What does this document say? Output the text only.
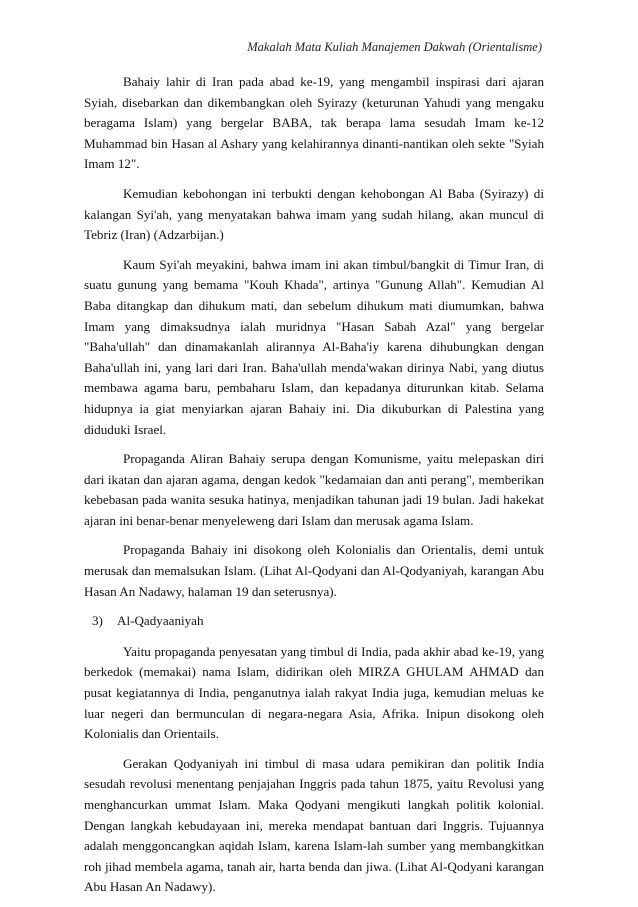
Makalah Mata Kuliah Manajemen Dakwah (Orientalisme)

Bahaiy lahir di Iran pada abad ke-19, yang mengambil inspirasi dari ajaran Syiah, disebarkan dan dikembangkan oleh Syirazy (keturunan Yahudi yang mengaku beragama Islam) yang bergelar BABA, tak berapa lama sesudah Imam ke-12 Muhammad bin Hasan al Ashary yang kelahirannya dinanti-nantikan oleh sekte "Syiah Imam 12".

Kemudian kebohongan ini terbukti dengan kehobongan Al Baba (Syirazy) di kalangan Syi'ah, yang menyatakan bahwa imam yang sudah hilang, akan muncul di Tebriz (Iran) (Adzarbijan.)

Kaum Syi'ah meyakini, bahwa imam ini akan timbul/bangkit di Timur Iran, di suatu gunung yang bemama "Kouh Khada", artinya "Gunung Allah". Kemudian Al Baba ditangkap dan dihukum mati, dan sebelum dihukum mati diumumkan, bahwa Imam yang dimaksudnya ialah muridnya "Hasan Sabah Azal" yang bergelar "Baha'ullah" dan dinamakanlah alirannya Al-Baha'iy karena dihubungkan dengan Baha'ullah ini, yang lari dari Iran. Baha'ullah menda'wakan dirinya Nabi, yang diutus membawa agama baru, pembaharu Islam, dan kepadanya diturunkan kitab. Selama hidupnya ia giat menyiarkan ajaran Bahaiy ini. Dia dikuburkan di Palestina yang diduduki Israel.

Propaganda Aliran Bahaiy serupa dengan Komunisme, yaitu melepaskan diri dari ikatan dan ajaran agama, dengan kedok "kedamaian dan anti perang", memberikan kebebasan pada wanita sesuka hatinya, menjadikan tahunan jadi 19 bulan. Jadi hakekat ajaran ini benar-benar menyeleweng dari Islam dan merusak agama Islam.

Propaganda Bahaiy ini disokong oleh Kolonialis dan Orientalis, demi untuk merusak dan memalsukan Islam. (Lihat Al-Qodyani dan Al-Qodyaniyah, karangan Abu Hasan An Nadawy, halaman 19 dan seterusnya).

3) Al-Qadyaaniyah

Yaitu propaganda penyesatan yang timbul di India, pada akhir abad ke-19, yang berkedok (memakai) nama Islam, didirikan oleh MIRZA GHULAM AHMAD dan pusat kegiatannya di India, penganutnya ialah rakyat India juga, kemudian meluas ke luar negeri dan bermunculan di negara-negara Asia, Afrika. Inipun disokong oleh Kolonialis dan Orientails.

Gerakan Qodyaniyah ini timbul di masa udara pemikiran dan politik India sesudah revolusi menentang penjajahan Inggris pada tahun 1875, yaitu Revolusi yang menghancurkan ummat Islam. Maka Qodyani mengikuti langkah politik kolonial. Dengan langkah kebudayaan ini, mereka mendapat bantuan dari Inggris. Tujuannya adalah menggoncangkan aqidah Islam, karena Islam-lah sumber yang membangkitkan roh jihad membela agama, tanah air, harta benda dan jiwa. (Lihat Al-Qodyani karangan Abu Hasan An Nadawy).
